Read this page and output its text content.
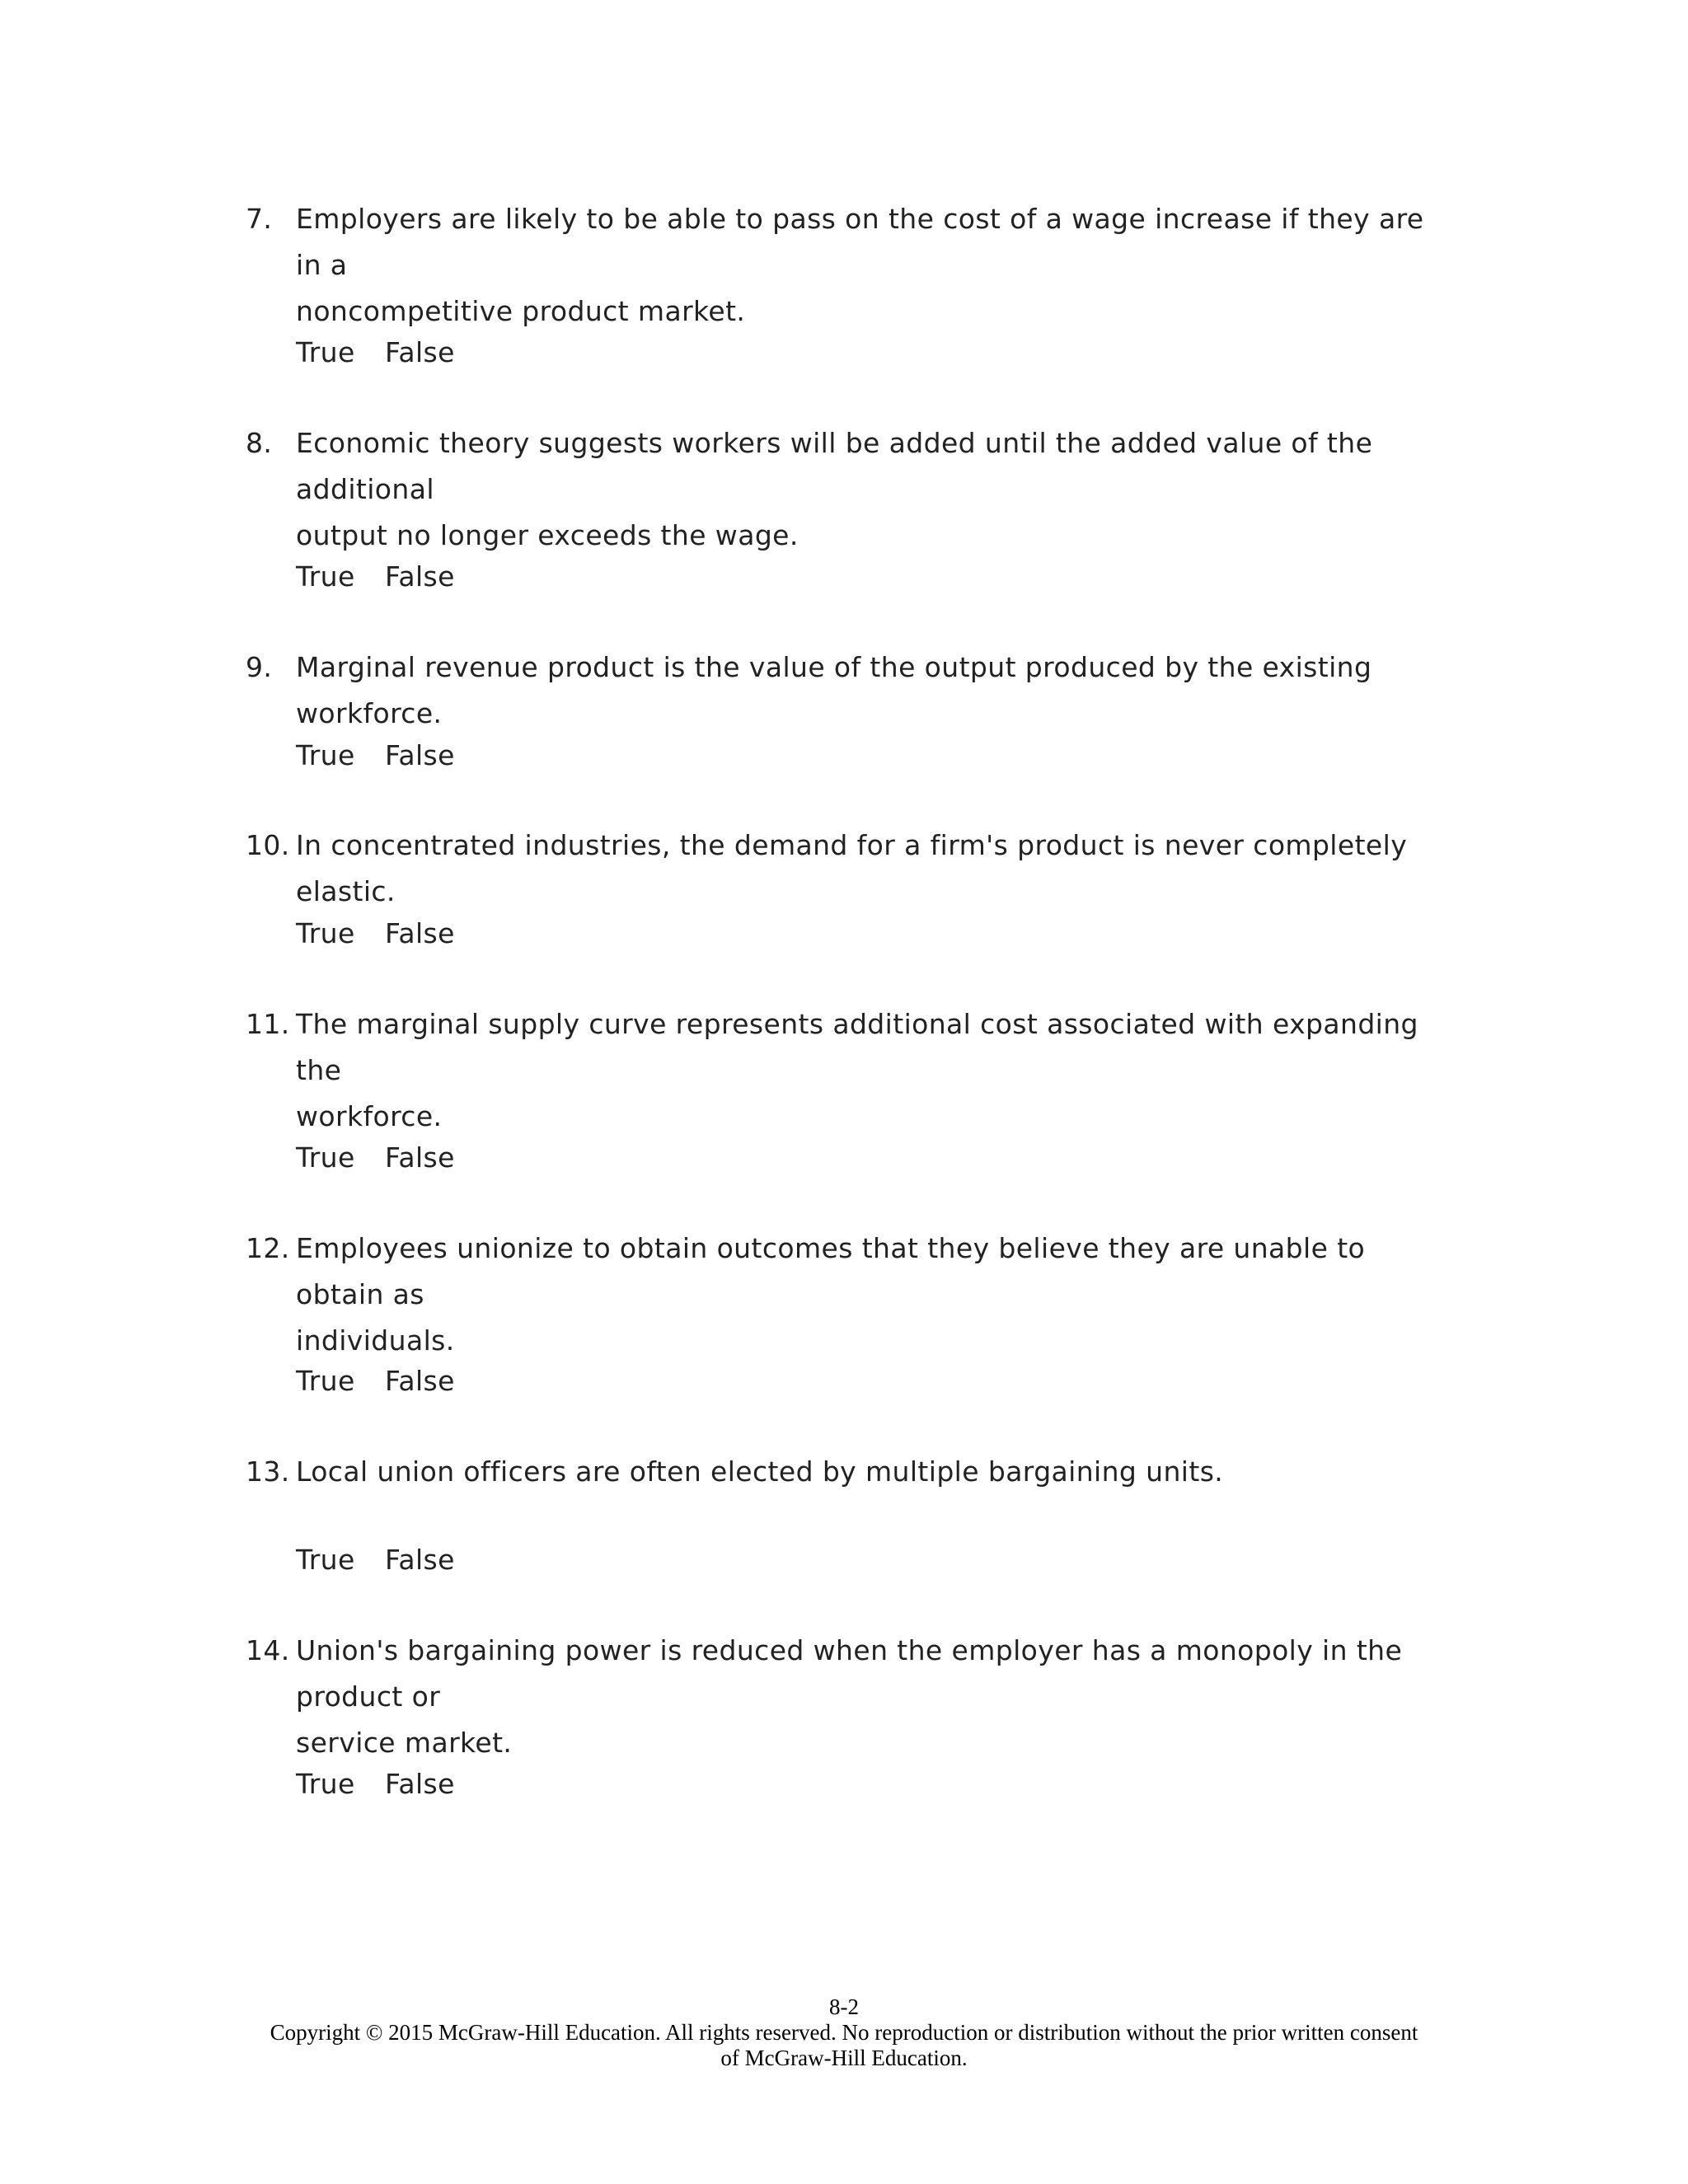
7. Employers are likely to be able to pass on the cost of a wage increase if they are in a
noncompetitive product market.
True False
8. Economic theory suggests workers will be added until the added value of the additional
output no longer exceeds the wage.
True False
9. Marginal revenue product is the value of the output produced by the existing workforce.
True False
10. In concentrated industries, the demand for a firm's product is never completely elastic.
True False
11. The marginal supply curve represents additional cost associated with expanding the
workforce.
True False
12. Employees unionize to obtain outcomes that they believe they are unable to obtain as
individuals.
True False
13. Local union officers are often elected by multiple bargaining units.
True False
14. Union's bargaining power is reduced when the employer has a monopoly in the product or
service market.
True False
8-2
Copyright © 2015 McGraw-Hill Education. All rights reserved. No reproduction or distribution without the prior written consent of McGraw-Hill Education.
